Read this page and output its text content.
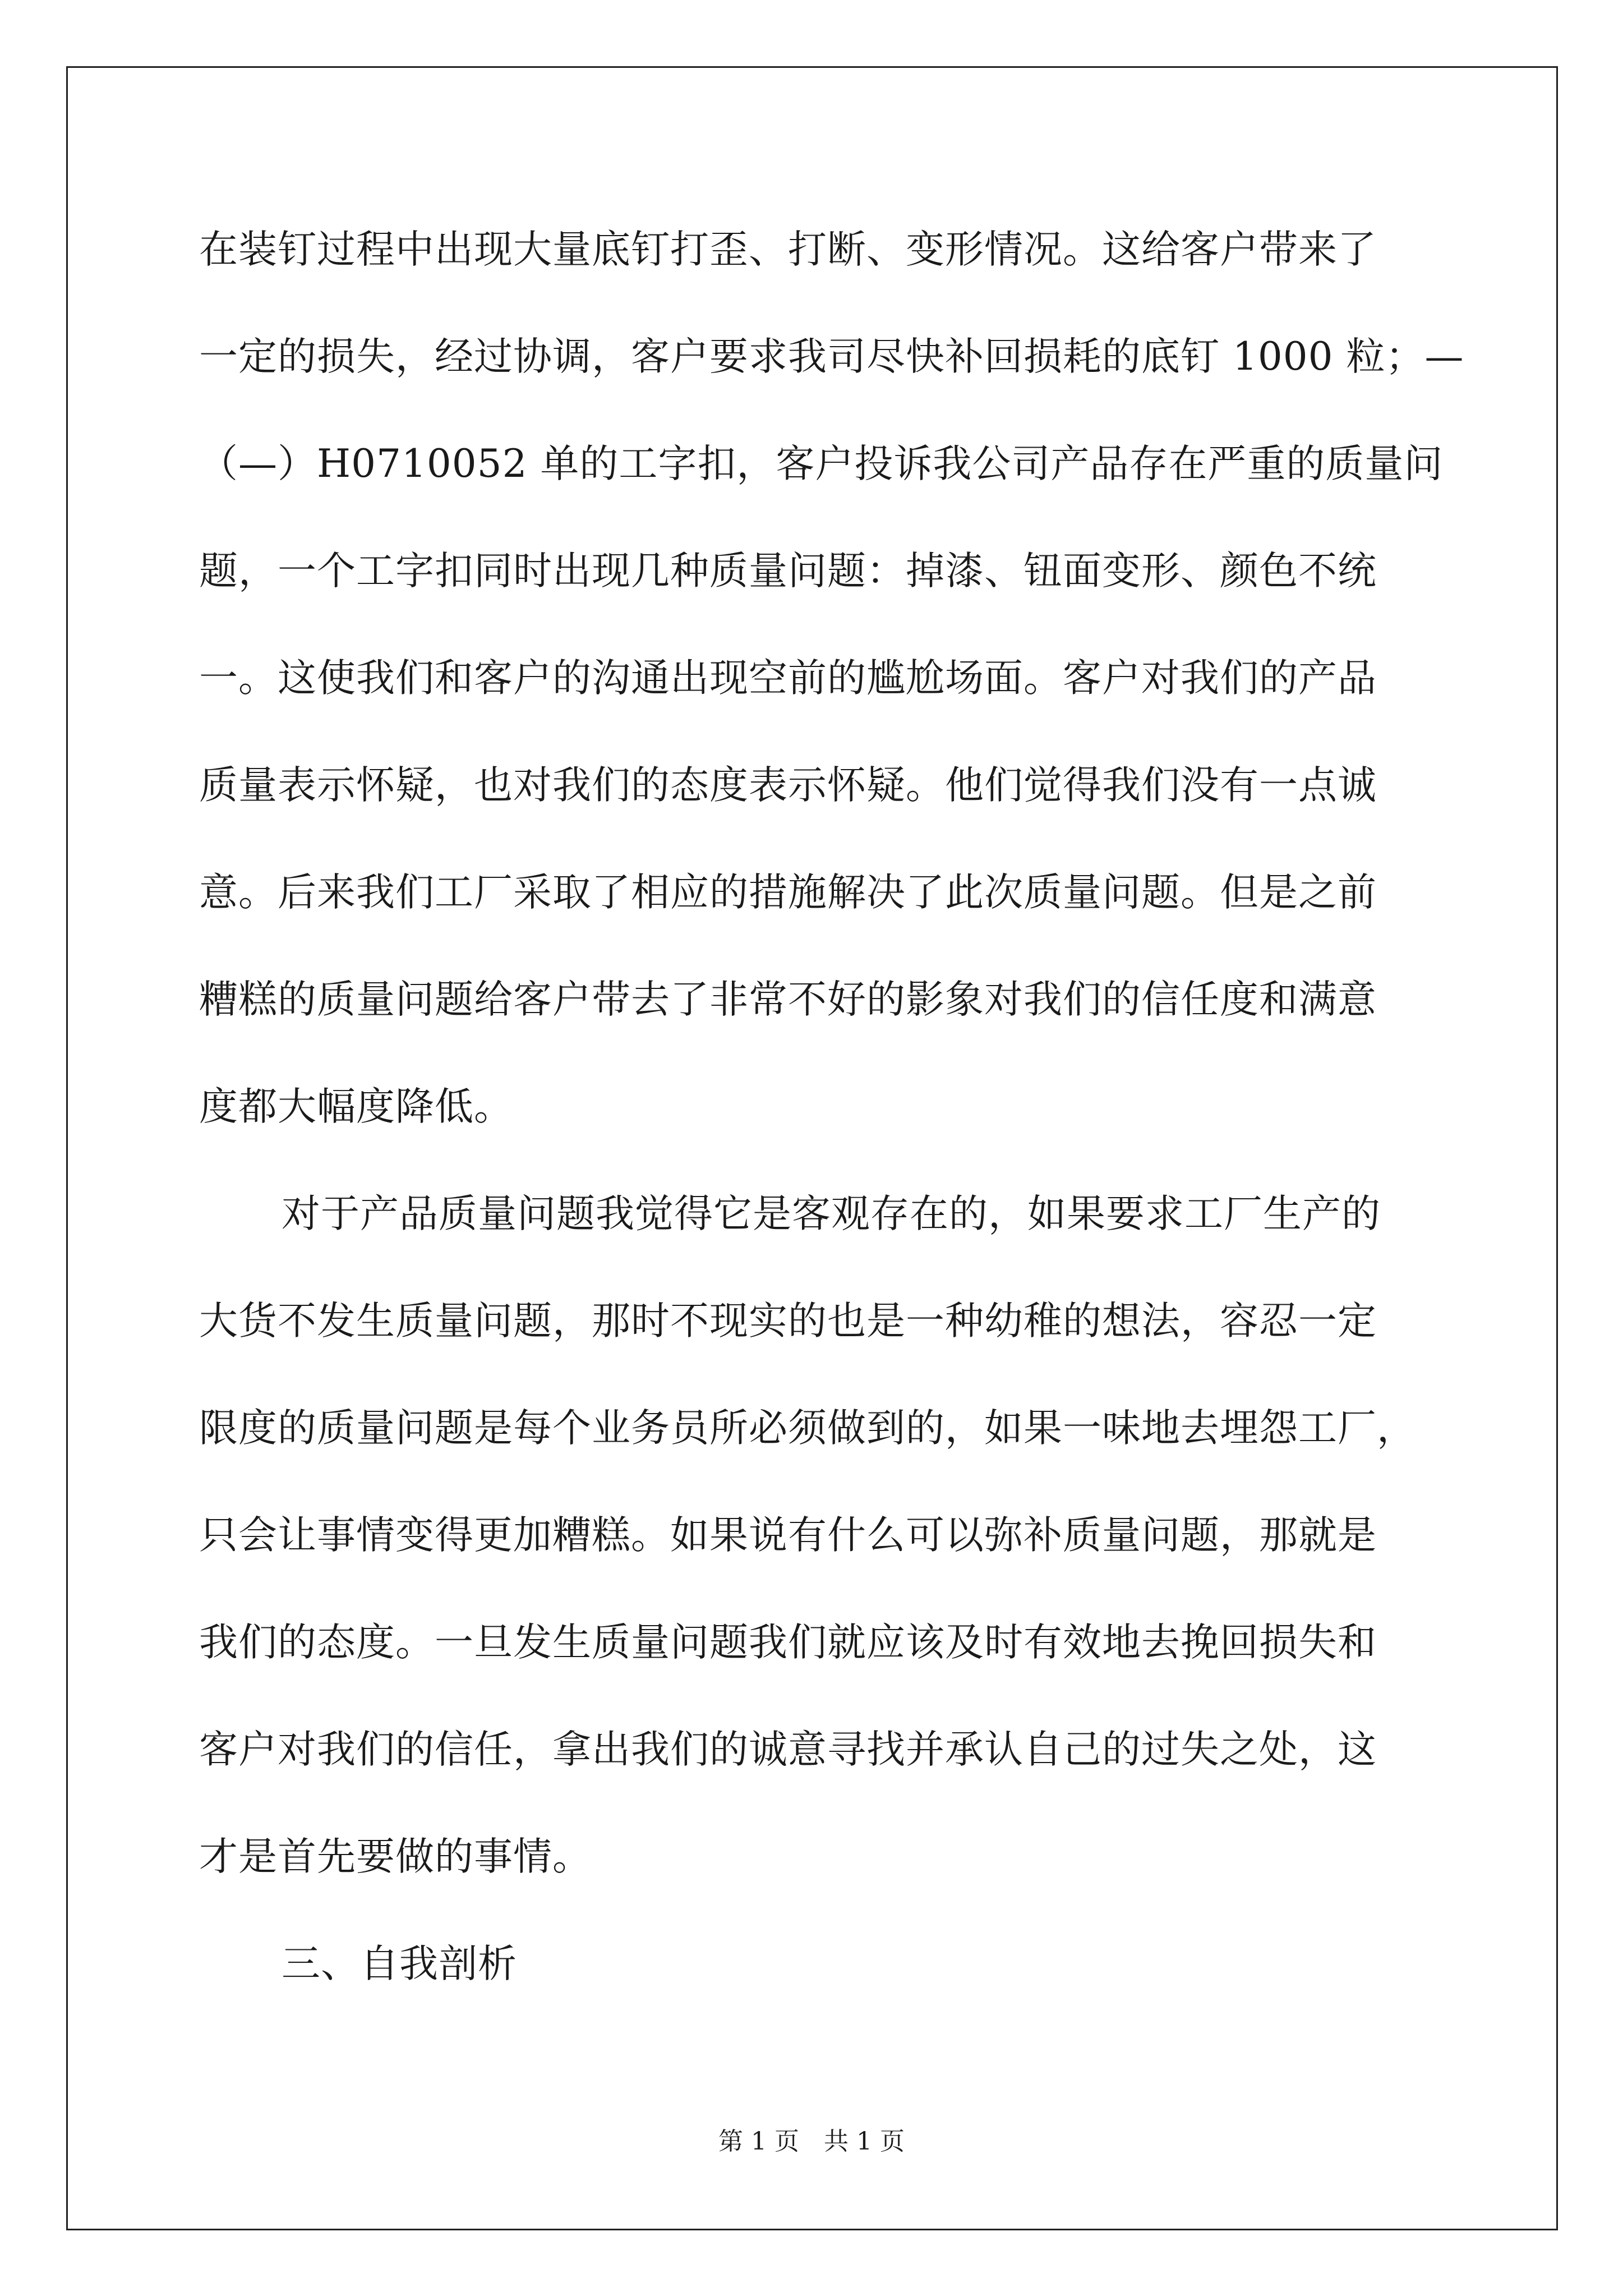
在装钉过程中出现大量底钉打歪、打断、变形情况。这给客户带来了
一定的损失，经过协调，客户要求我司尽快补回损耗的底钉 1000 粒；—
（—）H0710052 单的工字扣，客户投诉我公司产品存在严重的质量问
题，一个工字扣同时出现几种质量问题：掉漆、钮面变形、颜色不统
一。这使我们和客户的沟通出现空前的尴尬场面。客户对我们的产品
质量表示怀疑，也对我们的态度表示怀疑。他们觉得我们没有一点诚
意。后来我们工厂采取了相应的措施解决了此次质量问题。但是之前
糟糕的质量问题给客户带去了非常不好的影象对我们的信任度和满意
度都大幅度降低。
对于产品质量问题我觉得它是客观存在的，如果要求工厂生产的
大货不发生质量问题，那时不现实的也是一种幼稚的想法，容忍一定
限度的质量问题是每个业务员所必须做到的，如果一味地去埋怨工厂，
只会让事情变得更加糟糕。如果说有什么可以弥补质量问题，那就是
我们的态度。一旦发生质量问题我们就应该及时有效地去挽回损失和
客户对我们的信任，拿出我们的诚意寻找并承认自己的过失之处，这
才是首先要做的事情。
三、自我剖析
第 1 页　共 1 页
